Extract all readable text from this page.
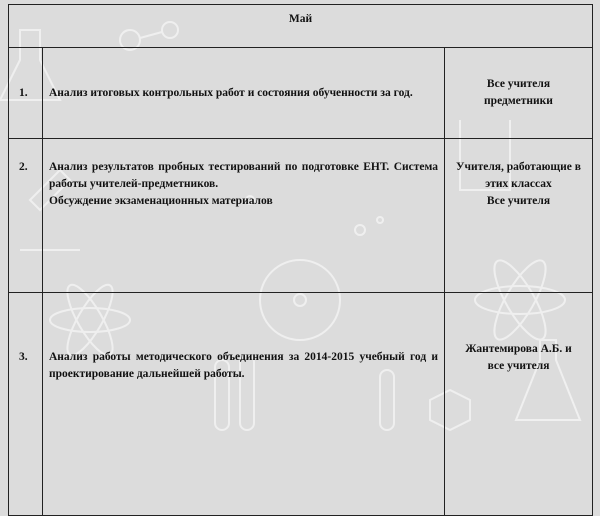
Май		
1.	Анализ итоговых контрольных работ и состояния обученности за год.	Все учителя
предметники

2.	Анализ результатов пробных тестирований по подготовке ЕНТ. Система работы учителей-предметников.
Обсуждение экзаменационных материалов	Учителя, работающие в
этих классах
Все учителя

3.	Анализ работы методического объединения за 2014-2015 учебный год и проектирование дальнейшей работы.	Жантемирова А.Б. и
все учителя
